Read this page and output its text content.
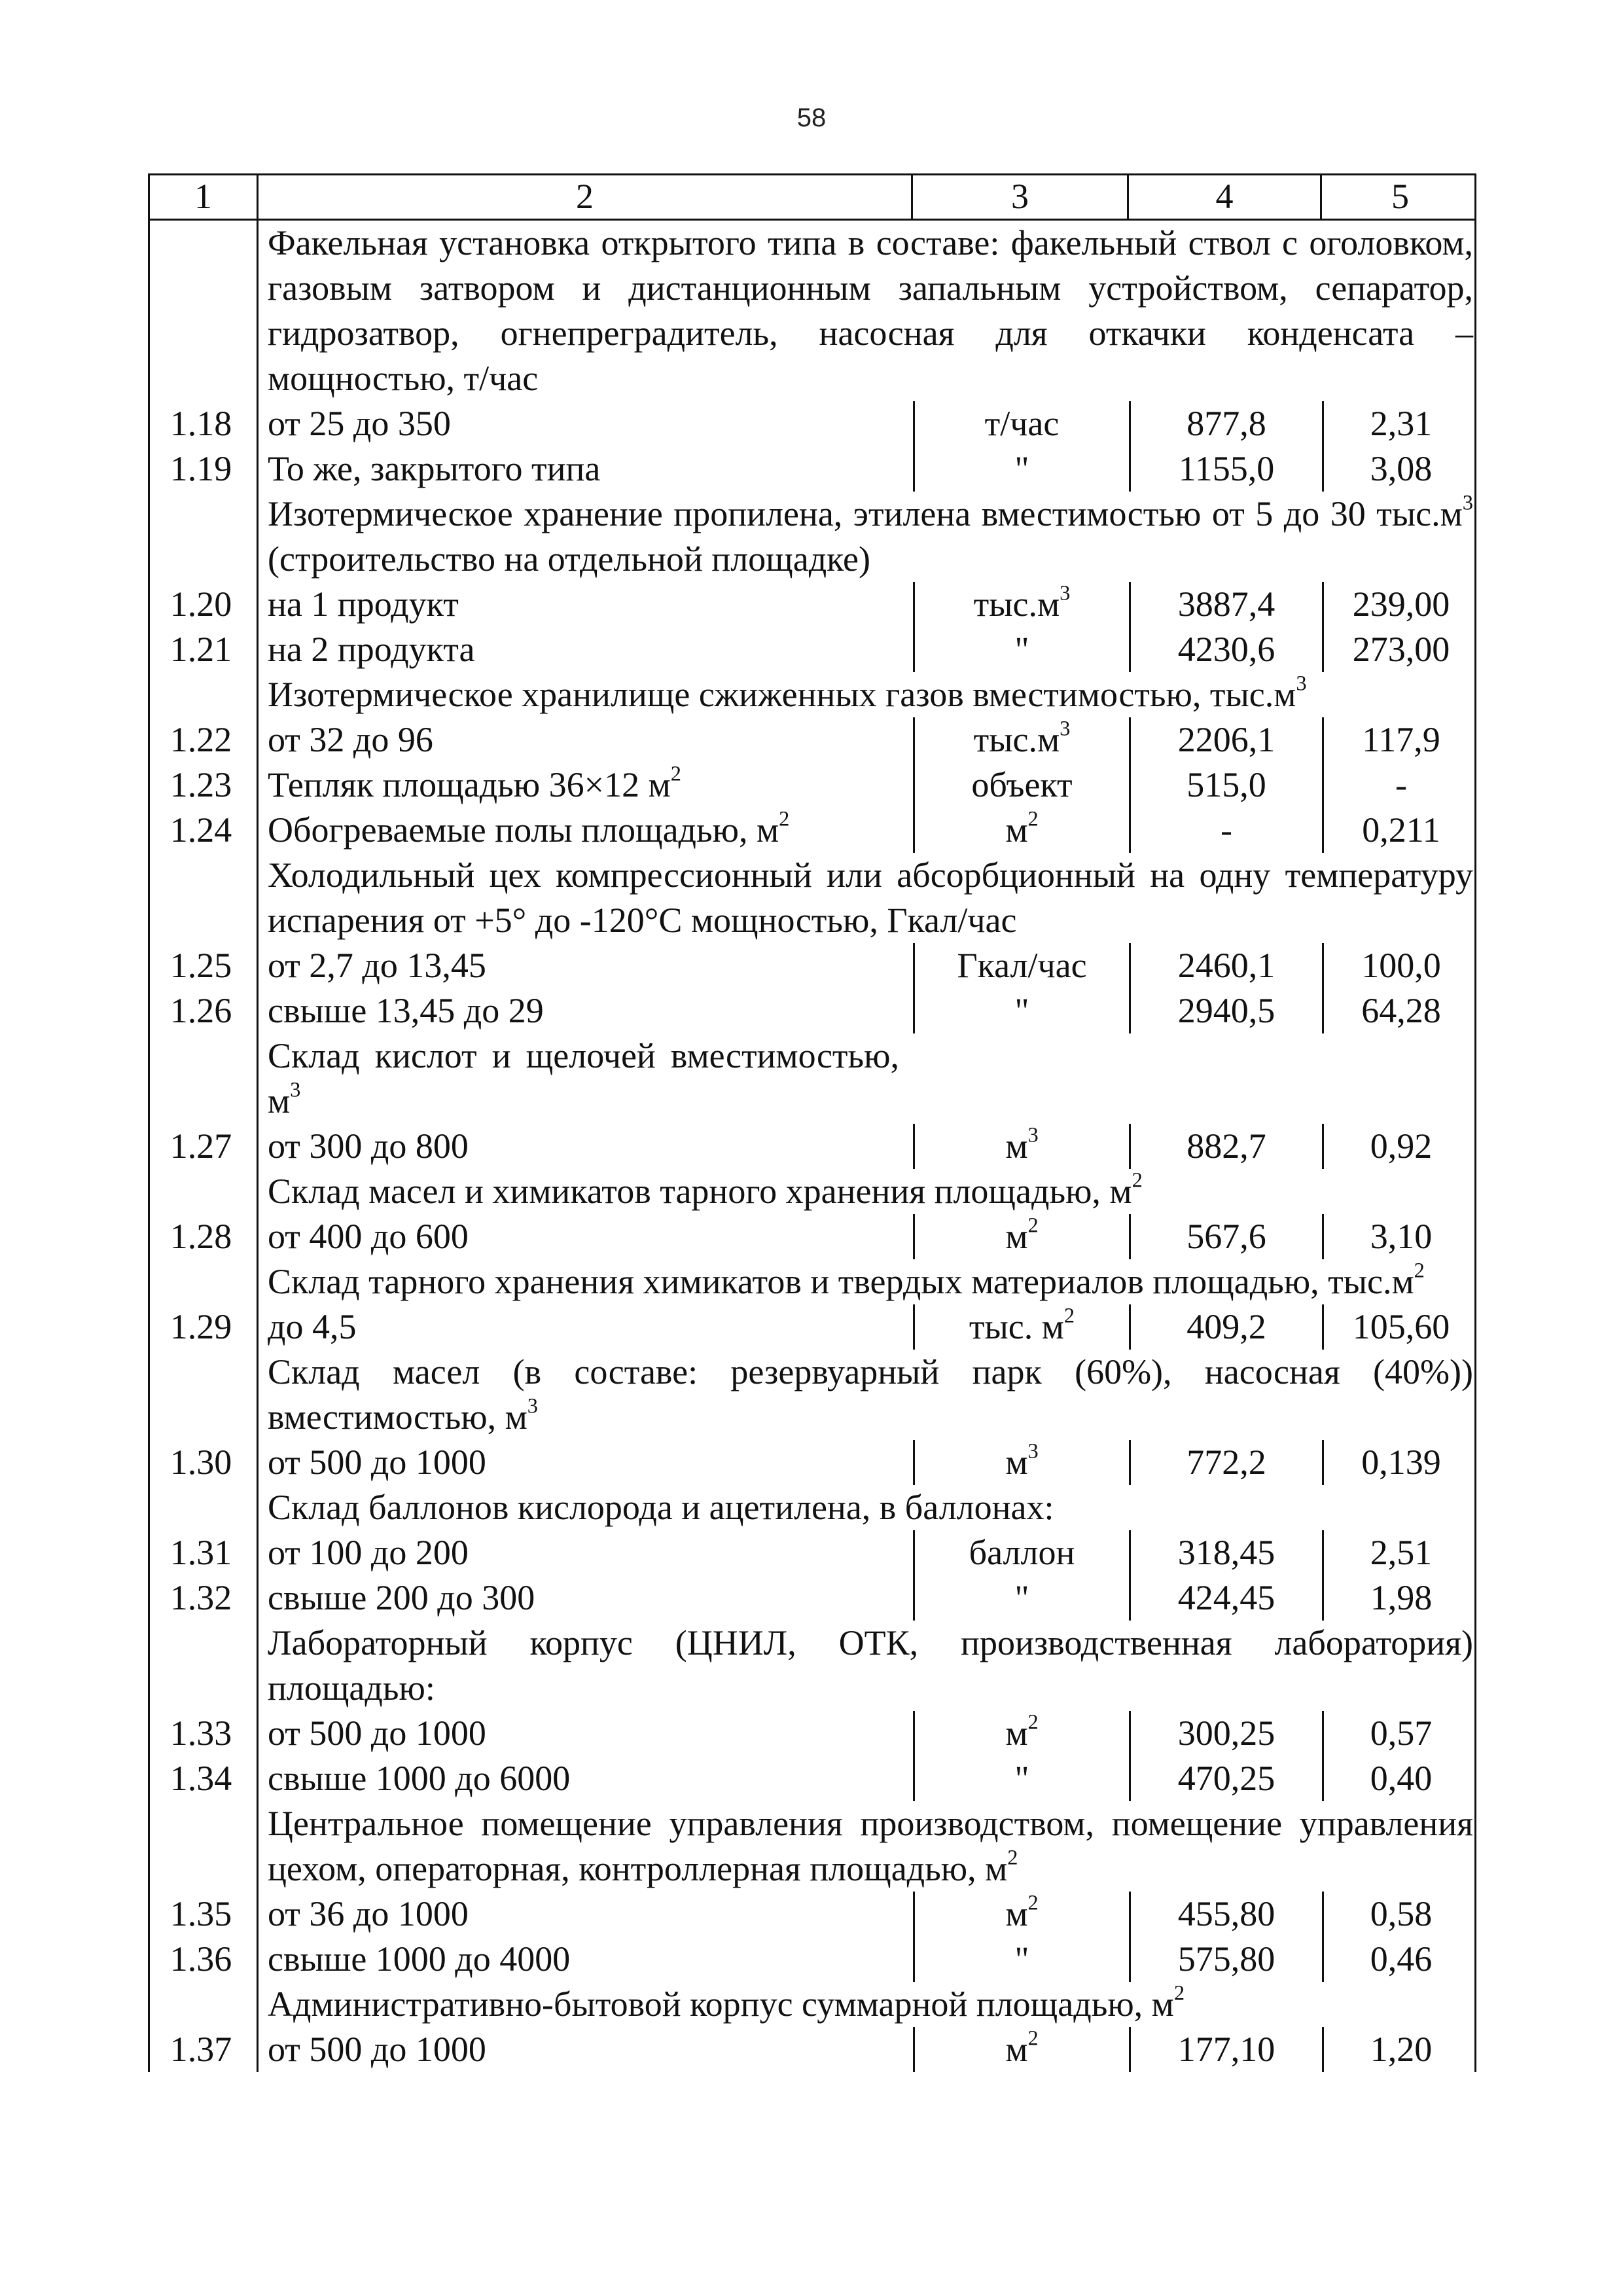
58
1	2	3	4	5
Факельная установка открытого типа в составе: факельный ствол с оголовком, газовым затвором и дистанционным запальным устройством, сепаратор, гидрозатвор, огнепреградитель, насосная для откачки конденсата – мощностью, т/час
1.18	от 25 до 350	т/час	877,8	2,31
1.19	То же, закрытого типа	"	1155,0	3,08
Изотермическое хранение пропилена, этилена вместимостью от 5 до 30 $тыс.м^3$ (строительство на отдельной площадке)
1.20	на 1 продукт	$тыс.м^3$	3887,4	239,00
1.21	на 2 продукта	"	4230,6	273,00
Изотермическое хранилище сжиженных газов вместимостью, $тыс.м^3$
1.22	от 32 до 96	$тыс.м^3$	2206,1	117,9
1.23	Тепляк площадью 36×12 $м^2$	объект	515,0	-
1.24	Обогреваемые полы площадью, $м^2$	$м^2$	-	0,211
Холодильный цех компрессионный или абсорбционный на одну температуру испарения от +5° до -120°С мощностью, Гкал/час
1.25	от 2,7 до 13,45	Гкал/час	2460,1	100,0
1.26	свыше 13,45 до 29	"	2940,5	64,28
Склад кислот и щелочей вместимостью, $м^3$
1.27	от 300 до 800	$м^3$	882,7	0,92
Склад масел и химикатов тарного хранения площадью, $м^2$
1.28	от 400 до 600	$м^2$	567,6	3,10
Склад тарного хранения химикатов и твердых материалов площадью, $тыс.м^2$
1.29	до 4,5	тыс. $м^2$	409,2	105,60
Склад масел (в составе: резервуарный парк (60%), насосная (40%)) вместимостью, $м^3$
1.30	от 500 до 1000	$м^3$	772,2	0,139
Склад баллонов кислорода и ацетилена, в баллонах:
1.31	от 100 до 200	баллон	318,45	2,51
1.32	свыше 200 до 300	"	424,45	1,98
Лабораторный корпус (ЦНИЛ, ОТК, производственная лаборатория) площадью:
1.33	от 500 до 1000	$м^2$	300,25	0,57
1.34	свыше 1000 до 6000	"	470,25	0,40
Центральное помещение управления производством, помещение управления цехом, операторная, контроллерная площадью, $м^2$
1.35	от 36 до 1000	$м^2$	455,80	0,58
1.36	свыше 1000 до 4000	"	575,80	0,46
Административно-бытовой корпус суммарной площадью, $м^2$
1.37	от 500 до 1000	$м^2$	177,10	1,20
